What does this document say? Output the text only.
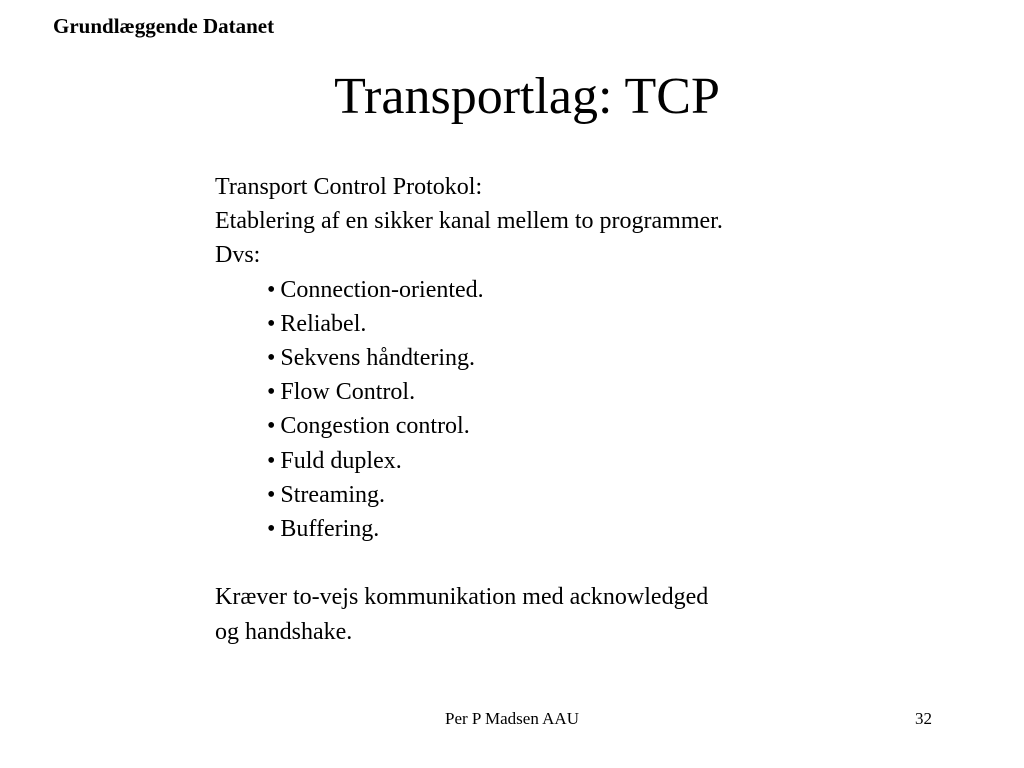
Grundlæggende Datanet
Transportlag: TCP
Transport Control Protokol:
Etablering af en sikker kanal mellem to programmer.
Dvs:
• Connection-oriented.
• Reliabel.
• Sekvens håndtering.
• Flow Control.
• Congestion control.
• Fuld duplex.
• Streaming.
• Buffering.
Kræver to-vejs kommunikation med acknowledged
og handshake.
Per P Madsen AAU	32
